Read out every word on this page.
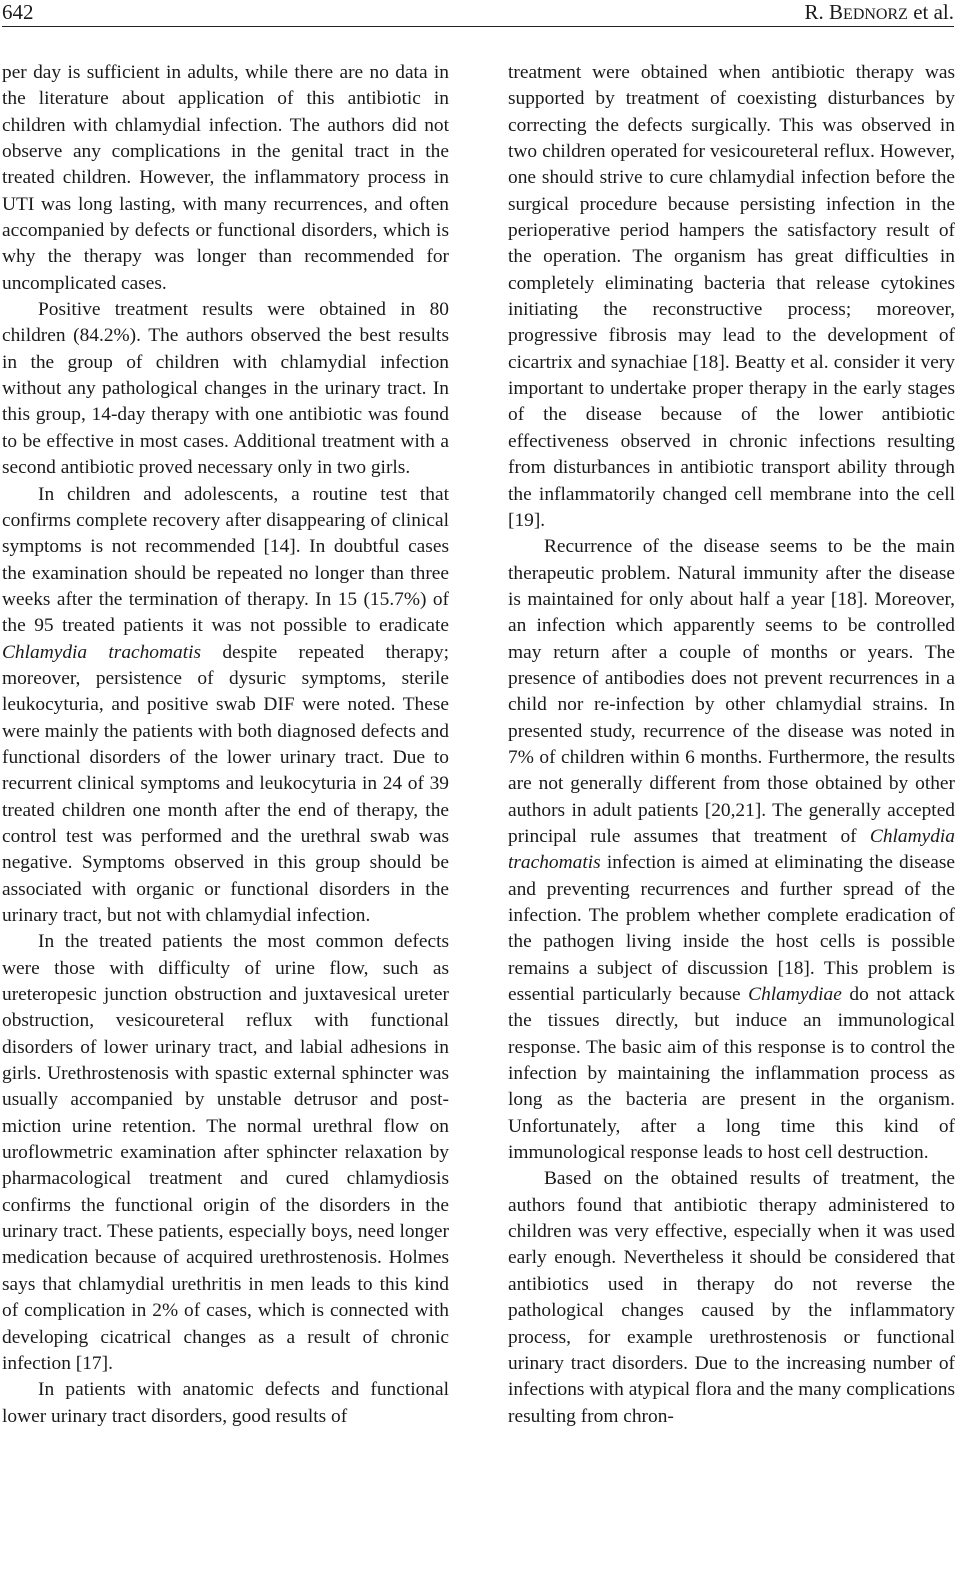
642	R. BEDNORZ et al.

per day is sufficient in adults, while there are no data in the literature about application of this antibiotic in children with chlamydial infection. The authors did not observe any complications in the genital tract in the treated children. However, the inflammatory process in UTI was long lasting, with many recurrences, and often accompanied by defects or functional disorders, which is why the therapy was longer than recommended for uncomplicated cases.

Positive treatment results were obtained in 80 children (84.2%). The authors observed the best results in the group of children with chlamydial infection without any pathological changes in the urinary tract. In this group, 14-day therapy with one antibiotic was found to be effective in most cases. Additional treatment with a second antibiotic proved necessary only in two girls.

In children and adolescents, a routine test that confirms complete recovery after disappearing of clinical symptoms is not recommended [14]. In doubtful cases the examination should be repeated no longer than three weeks after the termination of therapy. In 15 (15.7%) of the 95 treated patients it was not possible to eradicate Chlamydia trachomatis despite repeated therapy; moreover, persistence of dysuric symptoms, sterile leukocyturia, and positive swab DIF were noted. These were mainly the patients with both diagnosed defects and functional disorders of the lower urinary tract. Due to recurrent clinical symptoms and leukocyturia in 24 of 39 treated children one month after the end of therapy, the control test was performed and the urethral swab was negative. Symptoms observed in this group should be associated with organic or functional disorders in the urinary tract, but not with chlamydial infection.

In the treated patients the most common defects were those with difficulty of urine flow, such as ureteropesic junction obstruction and juxtavesical ureter obstruction, vesicoureteral reflux with functional disorders of lower urinary tract, and labial adhesions in girls. Urethrostenosis with spastic external sphincter was usually accompanied by unstable detrusor and post-miction urine retention. The normal urethral flow on uroflowmetric examination after sphincter relaxation by pharmacological treatment and cured chlamydiosis confirms the functional origin of the disorders in the urinary tract. These patients, especially boys, need longer medication because of acquired urethrostenosis. Holmes says that chlamydial urethritis in men leads to this kind of complication in 2% of cases, which is connected with developing cicatrical changes as a result of chronic infection [17].

In patients with anatomic defects and functional lower urinary tract disorders, good results of

treatment were obtained when antibiotic therapy was supported by treatment of coexisting disturbances by correcting the defects surgically. This was observed in two children operated for vesicoureteral reflux. However, one should strive to cure chlamydial infection before the surgical procedure because persisting infection in the perioperative period hampers the satisfactory result of the operation. The organism has great difficulties in completely eliminating bacteria that release cytokines initiating the reconstructive process; moreover, progressive fibrosis may lead to the development of cicartrix and synachiae [18]. Beatty et al. consider it very important to undertake proper therapy in the early stages of the disease because of the lower antibiotic effectiveness observed in chronic infections resulting from disturbances in antibiotic transport ability through the inflammatorily changed cell membrane into the cell [19].

Recurrence of the disease seems to be the main therapeutic problem. Natural immunity after the disease is maintained for only about half a year [18]. Moreover, an infection which apparently seems to be controlled may return after a couple of months or years. The presence of antibodies does not prevent recurrences in a child nor re-infection by other chlamydial strains. In presented study, recurrence of the disease was noted in 7% of children within 6 months. Furthermore, the results are not generally different from those obtained by other authors in adult patients [20,21]. The generally accepted principal rule assumes that treatment of Chlamydia trachomatis infection is aimed at eliminating the disease and preventing recurrences and further spread of the infection. The problem whether complete eradication of the pathogen living inside the host cells is possible remains a subject of discussion [18]. This problem is essential particularly because Chlamydiae do not attack the tissues directly, but induce an immunological response. The basic aim of this response is to control the infection by maintaining the inflammation process as long as the bacteria are present in the organism. Unfortunately, after a long time this kind of immunological response leads to host cell destruction.

Based on the obtained results of treatment, the authors found that antibiotic therapy administered to children was very effective, especially when it was used early enough. Nevertheless it should be considered that antibiotics used in therapy do not reverse the pathological changes caused by the inflammatory process, for example urethrostenosis or functional urinary tract disorders. Due to the increasing number of infections with atypical flora and the many complications resulting from chron-
